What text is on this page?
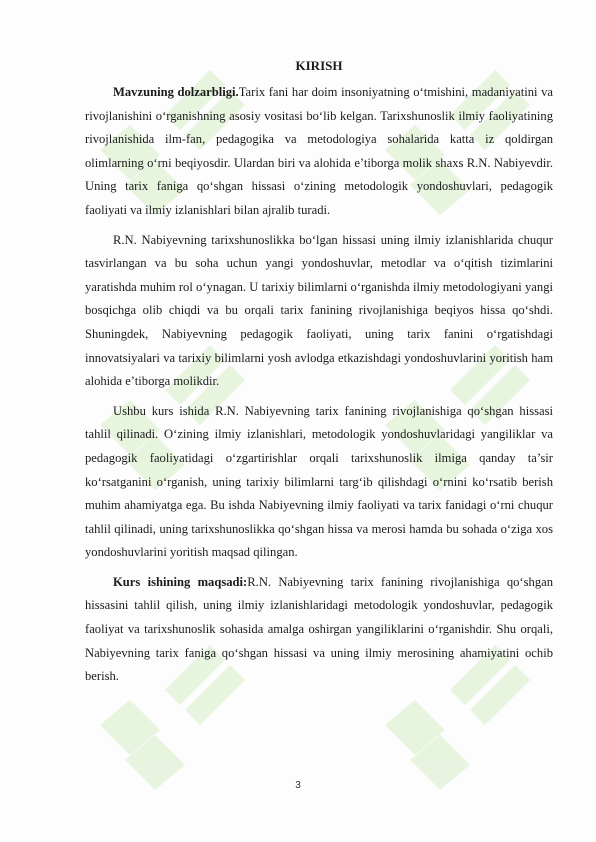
KIRISH

Mavzuning dolzarbligi.Tarix fani har doim insoniyatning o‘tmishini, madaniyatini va rivojlanishini o‘rganishning asosiy vositasi bo‘lib kelgan. Tarixshunoslik ilmiy faoliyatining rivojlanishida ilm-fan, pedagogika va metodologiya sohalarida katta iz qoldirgan olimlarning o‘rni beqiyosdir. Ulardan biri va alohida e’tiborga molik shaxs R.N. Nabiyevdir. Uning tarix faniga qo‘shgan hissasi o‘zining metodologik yondoshuvlari, pedagogik faoliyati va ilmiy izlanishlari bilan ajralib turadi.

R.N. Nabiyevning tarixshunoslikka bo‘lgan hissasi uning ilmiy izlanishlarida chuqur tasvirlangan va bu soha uchun yangi yondoshuvlar, metodlar va o‘qitish tizimlarini yaratishda muhim rol o‘ynagan. U tarixiy bilimlarni o‘rganishda ilmiy metodologiyani yangi bosqichga olib chiqdi va bu orqali tarix fanining rivojlanishiga beqiyos hissa qo‘shdi. Shuningdek, Nabiyevning pedagogik faoliyati, uning tarix fanini o‘rgatishdagi innovatsiyalari va tarixiy bilimlarni yosh avlodga etkazishdagi yondoshuvlarini yoritish ham alohida e’tiborga molikdir.

Ushbu kurs ishida R.N. Nabiyevning tarix fanining rivojlanishiga qo‘shgan hissasi tahlil qilinadi. O‘zining ilmiy izlanishlari, metodologik yondoshuvlaridagi yangiliklar va pedagogik faoliyatidagi o‘zgartirishlar orqali tarixshunoslik ilmiga qanday ta’sir ko‘rsatganini o‘rganish, uning tarixiy bilimlarni targ‘ib qilishdagi o‘rnini ko‘rsatib berish muhim ahamiyatga ega. Bu ishda Nabiyevning ilmiy faoliyati va tarix fanidagi o‘rni chuqur tahlil qilinadi, uning tarixshunoslikka qo‘shgan hissa va merosi hamda bu sohada o‘ziga xos yondoshuvlarini yoritish maqsad qilingan.

Kurs ishining maqsadi:R.N. Nabiyevning tarix fanining rivojlanishiga qo‘shgan hissasini tahlil qilish, uning ilmiy izlanishlaridagi metodologik yondoshuvlar, pedagogik faoliyat va tarixshunoslik sohasida amalga oshirgan yangiliklarini o‘rganishdir. Shu orqali, Nabiyevning tarix faniga qo‘shgan hissasi va uning ilmiy merosining ahamiyatini ochib berish.

3
